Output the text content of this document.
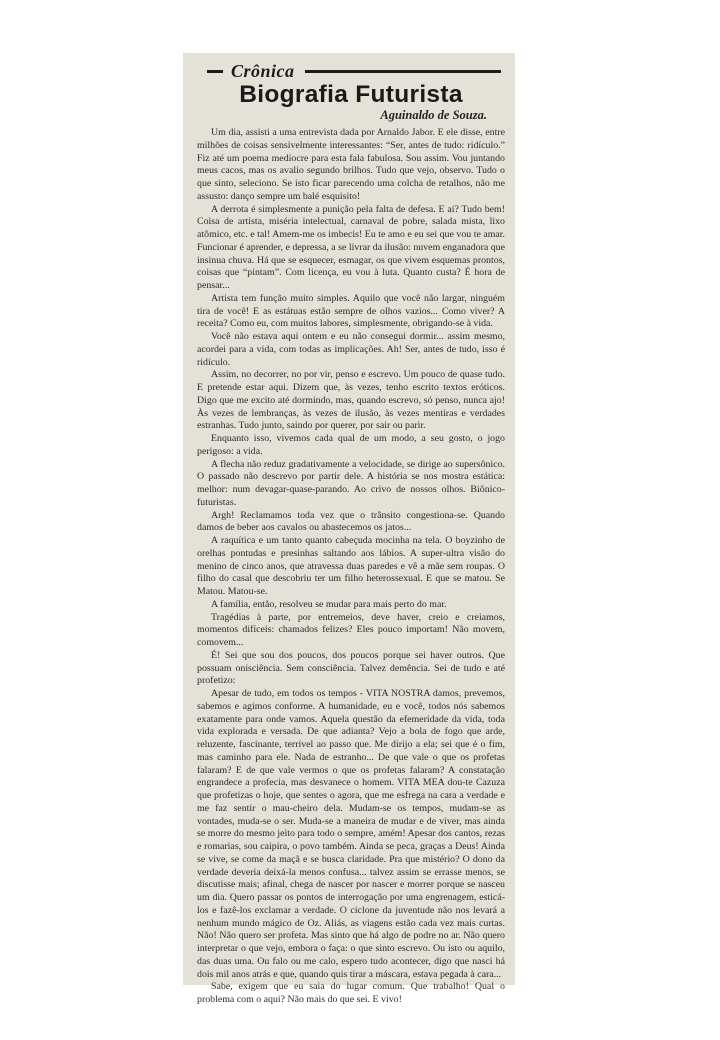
Crônica
Biografia Futurista
Aguinaldo de Souza.

Um dia, assisti a uma entrevista dada por Arnaldo Jabor. E ele disse, entre milhões de coisas sensivelmente interessantes: “Ser, antes de tudo: ridículo.” Fiz até um poema medíocre para esta fala fabulosa. Sou assim. Vou juntando meus cacos, mas os avalio segundo brilhos. Tudo que vejo, observo. Tudo o que sinto, seleciono. Se isto ficar parecendo uma colcha de retalhos, não me assusto: danço sempre um balé esquisito!

A derrota é simplesmente a punição pela falta de defesa. E aí? Tudo bem! Coisa de artista, miséria intelectual, carnaval de pobre, salada mista, lixo atômico, etc. e tal! Amem-me os imbecis! Eu te amo e eu sei que vou te amar. Funcionar é aprender, e depressa, a se livrar da ilusão: nuvem enganadora que insinua chuva. Há que se esquecer, esmagar, os que vivem esquemas prontos, coisas que “pintam”. Com licença, eu vou à luta. Quanto custa? É hora de pensar...

Artista tem função muito simples. Aquilo que você não largar, ninguém tira de você! E as estátuas estão sempre de olhos vazios... Como viver? A receita? Como eu, com muitos labores, simplesmente, obrigando-se à vida.

Você não estava aqui ontem e eu não consegui dormir... assim mesmo, acordei para a vida, com todas as implicações. Ah! Ser, antes de tudo, isso é ridículo.

Assim, no decorrer, no por vir, penso e escrevo. Um pouco de quase tudo. E pretende estar aqui. Dizem que, às vezes, tenho escrito textos eróticos. Digo que me excito até dormindo, mas, quando escrevo, só penso, nunca ajo! Às vezes de lembranças, às vezes de ilusão, às vezes mentiras e verdades estranhas. Tudo junto, saindo por querer, por sair ou parir.

Enquanto isso, vivemos cada qual de um modo, a seu gosto, o jogo perigoso: a vida.

A flecha não reduz gradativamente a velocidade, se dirige ao supersônico. O passado não descrevo por partir dele. A história se nos mostra estática: melhor: num devagar-quase-parando. Ao crivo de nossos olhos. Biônico-futuristas.

Argh! Reclamamos toda vez que o trânsito congestiona-se. Quando damos de beber aos cavalos ou abastecemos os jatos...

A raquítica e um tanto quanto cabeçuda mocinha na tela. O boyzinho de orelhas pontudas e presinhas saltando aos lábios. A super-ultra visão do menino de cinco anos, que atravessa duas paredes e vê a mãe sem roupas. O filho do casal que descobriu ter um filho heterossexual. E que se matou. Se Matou. Matou-se.

A família, então, resolveu se mudar para mais perto do mar.

Tragédias à parte, por entremeios, deve haver, creio e creiamos, momentos difíceis: chamados felizes? Eles pouco importam! Não movem, comovem...

É! Sei que sou dos poucos, dos poucos porque sei haver outros. Que possuam onisciência. Sem consciência. Talvez demência. Sei de tudo e até profetizo:

Apesar de tudo, em todos os tempos - VITA NOSTRA damos, prevemos, sabemos e agimos conforme. A humanidade, eu e você, todos nós sabemos exatamente para onde vamos. Aquela questão da efemeridade da vida, toda vida explorada e versada. De que adianta? Vejo a bola de fogo que arde, reluzente, fascinante, terrível ao passo que. Me dirijo a ela; sei que é o fim, mas caminho para ele. Nada de estranho... De que vale o que os profetas falaram? E de que vale vermos o que os profetas falaram? A constatação engrandece a profecia, mas desvanece o homem. VITA MEA dou-te Cazuza que profetizas o hoje, que sentes o agora, que me esfrega na cara a verdade e me faz sentir o mau-cheiro dela. Mudam-se os tempos, mudam-se as vontades, muda-se o ser. Muda-se a maneira de mudar e de viver, mas ainda se morre do mesmo jeito para todo o sempre, amém! Apesar dos cantos, rezas e romarias, sou caipira, o povo também. Ainda se peca, graças a Deus! Ainda se vive, se come da maçã e se busca claridade. Pra que mistério? O dono da verdade deveria deixá-la menos confusa... talvez assim se errasse menos, se discutisse mais; afinal, chega de nascer por nascer e morrer porque se nasceu um dia. Quero passar os pontos de interrogação por uma engrenagem, esticá-los e fazê-los exclamar a verdade. O ciclone da juventude não nos levará a nenhum mundo mágico de Oz. Aliás, as viagens estão cada vez mais curtas. Não! Não quero ser profeta. Mas sinto que há algo de podre no ar. Não quero interpretar o que vejo, embora o faça: o que sinto escrevo. Ou isto ou aquilo, das duas uma. Ou falo ou me calo, espero tudo acontecer, digo que nasci há dois mil anos atrás e que, quando quis tirar a máscara, estava pegada à cara...

Sabe, exigem que eu saia do lugar comum. Que trabalho! Qual o problema com o aqui? Não mais do que sei. E vivo!
